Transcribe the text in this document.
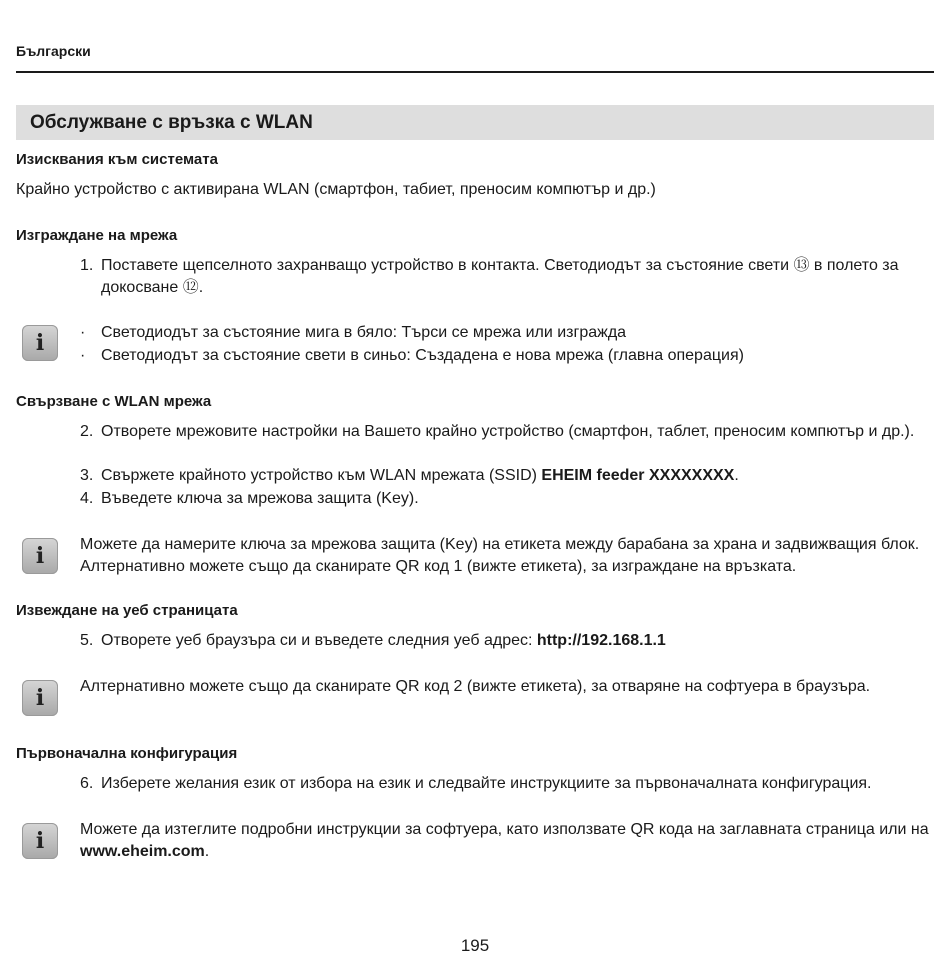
Български
Обслужване с връзка с WLAN
Изисквания към системата
Крайно устройство с активирана WLAN (смартфон, табиет, преносим компютър и др.)
Изграждане на мрежа
1. Поставете щепселното захранващо устройство в контакта. Светодиодът за състояние свети ⑬ в полето за докосване ⑫.
i	· Светодиодът за състояние мига в бяло: Търси се мрежа или изгражда
· Светодиодът за състояние свети в синьо: Създадена е нова мрежа (главна операция)
Свързване с WLAN мрежа
2. Отворете мрежовите настройки на Вашето крайно устройство (смартфон, таблет, преносим компютър и др.).
3. Свържете крайното устройство към WLAN мрежата (SSID) EHEIM feeder XXXXXXXX.
4. Въведете ключа за мрежова защита (Key).
i	Можете да намерите ключа за мрежова защита (Key) на етикета между барабана за храна и задвижващия блок. Алтернативно можете също да сканирате QR код 1 (вижте етикета), за изграждане на връзката.
Извеждане на уеб страницата
5. Отворете уеб браузъра си и въведете следния уеб адрес: http://192.168.1.1
i	Алтернативно можете също да сканирате QR код 2 (вижте етикета), за отваряне на софтуера в браузъра.
Първоначална конфигурация
6. Изберете желания език от избора на език и следвайте инструкциите за първоначалната конфигурация.
i	Можете да изтеглите подробни инструкции за софтуера, като използвате QR кода на заглавната страница или на www.eheim.com.
195
